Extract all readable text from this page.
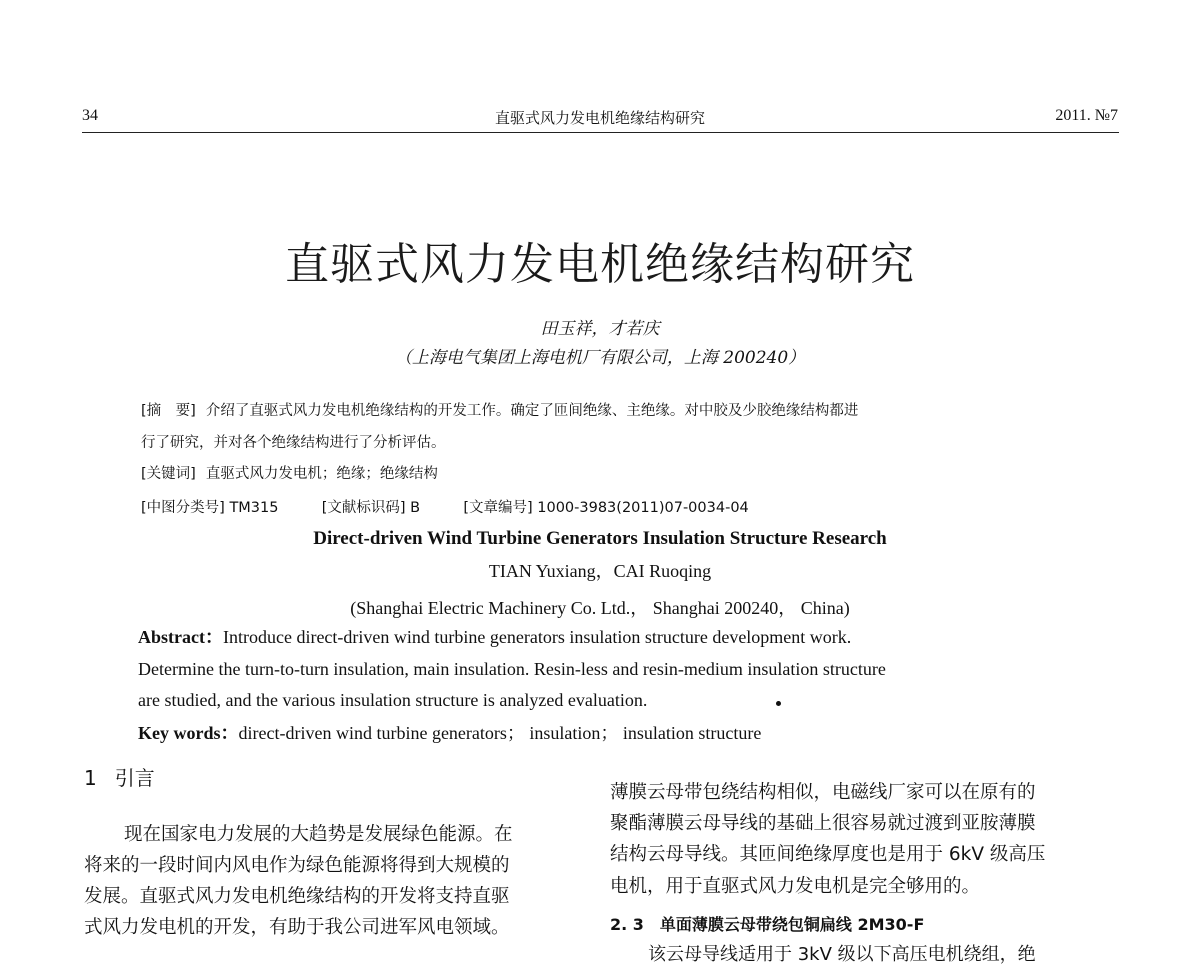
34	直驱式风力发电机绝缘结构研究	2011. №7
直驱式风力发电机绝缘结构研究
田玉祥，才若庆
（上海电气集团上海电机厂有限公司，上海 200240）
[摘　要] 介绍了直驱式风力发电机绝缘结构的开发工作。确定了匝间绝缘、主绝缘。对中胶及少胶绝缘结构都进
行了研究，并对各个绝缘结构进行了分析评估。
[关键词] 直驱式风力发电机；绝缘；绝缘结构
[中图分类号] TM315	[文献标识码] B	[文章编号] 1000-3983(2011)07-0034-04
Direct-driven Wind Turbine Generators Insulation Structure Research
TIAN Yuxiang，CAI Ruoqing
(Shanghai Electric Machinery Co. Ltd.， Shanghai 200240， China)
Abstract：Introduce direct-driven wind turbine generators insulation structure development work.
Determine the turn-to-turn insulation, main insulation. Resin-less and resin-medium insulation structure
are studied, and the various insulation structure is analyzed evaluation.
Key words：direct-driven wind turbine generators； insulation； insulation structure
1 引言
现在国家电力发展的大趋势是发展绿色能源。在
将来的一段时间内风电作为绿色能源将得到大规模的
发展。直驱式风力发电机绝缘结构的开发将支持直驱
式风力发电机的开发，有助于我公司进军风电领域。
薄膜云母带包绕结构相似，电磁线厂家可以在原有的
聚酯薄膜云母导线的基础上很容易就过渡到亚胺薄膜
结构云母导线。其匝间绝缘厚度也是用于 6kV 级高压
电机，用于直驱式风力发电机是完全够用的。
2. 3　单面薄膜云母带绕包铜扁线 2M30-F
该云母导线适用于 3kV 级以下高压电机绕组，绝
